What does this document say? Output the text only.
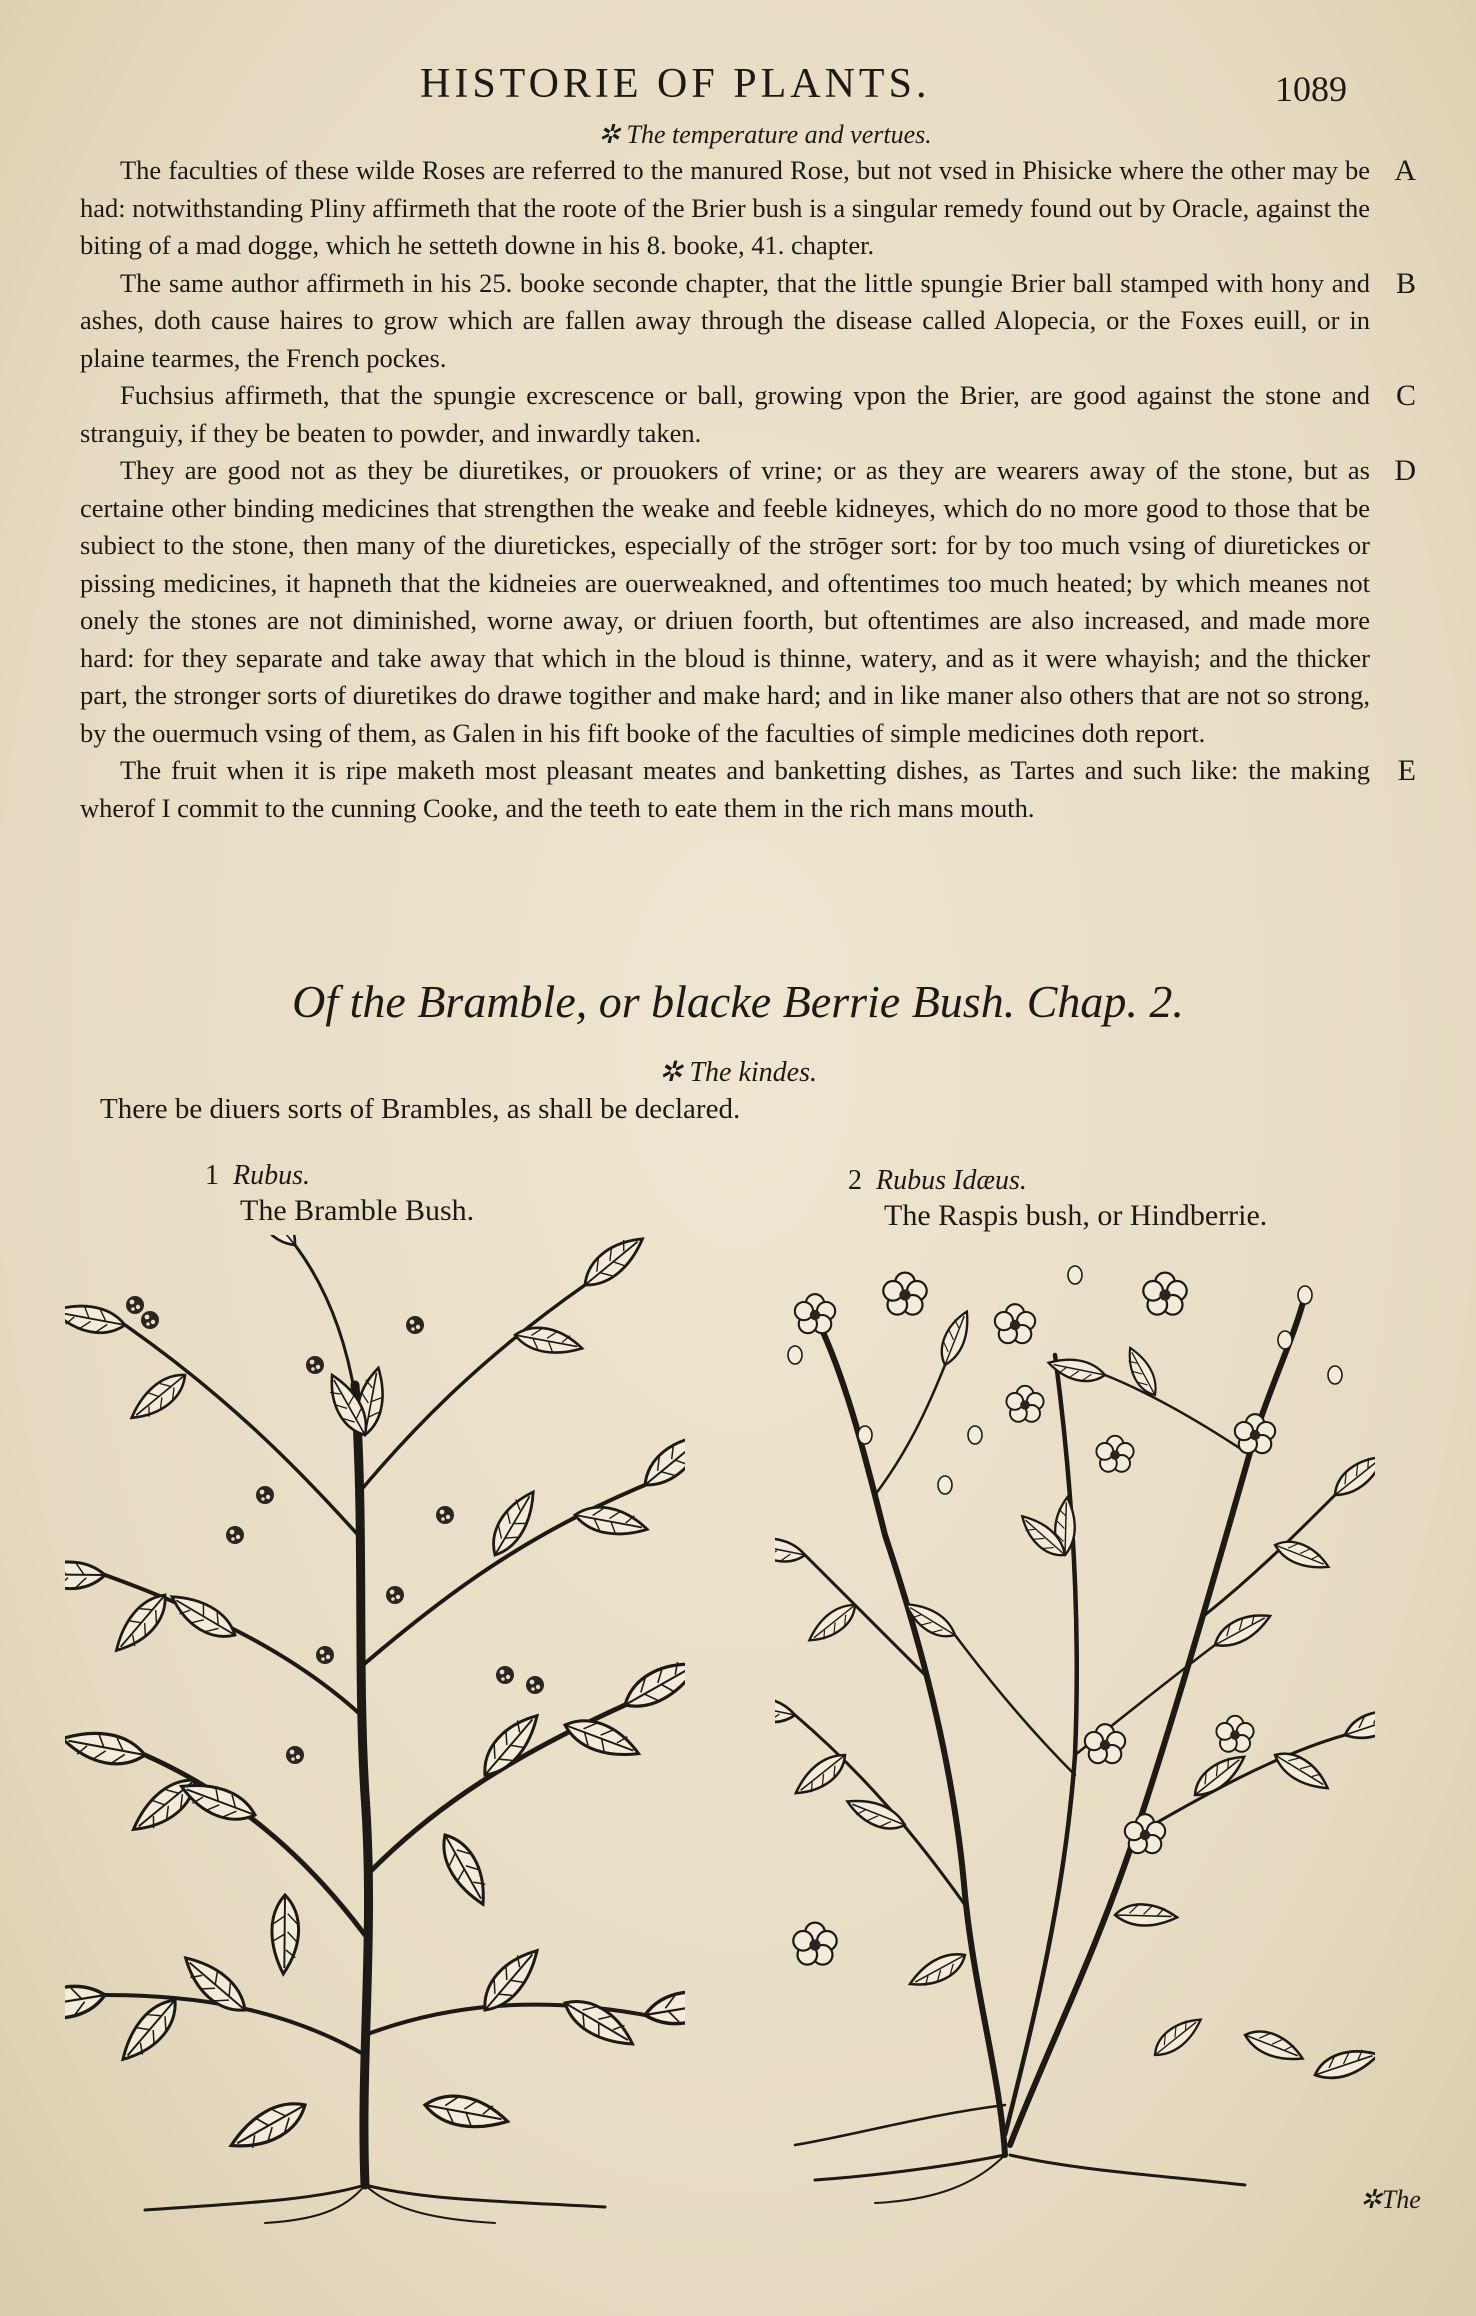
HISTORIE OF PLANTS.	1089
✲ The temperature and vertues.

The faculties of these wilde Roses are referred to the manured Rose, but not vsed in Phisicke where the other may be had: notwithstanding Pliny affirmeth that the roote of the Brier bush is a singular remedy found out by Oracle, against the biting of a mad dogge, which he setteth downe in his 8. booke, 41. chapter.
A

The same author affirmeth in his 25. booke seconde chapter, that the little spungie Brier ball stamped with hony and ashes, doth cause haires to grow which are fallen away through the disease called Alopecia, or the Foxes euill, or in plaine tearmes, the French pockes.
B

Fuchsius affirmeth, that the spungie excrescence or ball, growing vpon the Brier, are good against the stone and stranguiy, if they be beaten to powder, and inwardly taken.
C

They are good not as they be diuretikes, or prouokers of vrine; or as they are wearers away of the stone, but as certaine other binding medicines that strengthen the weake and feeble kidneyes, which do no more good to those that be subiect to the stone, then many of the diuretickes, especially of the strōger sort: for by too much vsing of diuretickes or pissing medicines, it hapneth that the kidneies are ouerweakned, and oftentimes too much heated; by which meanes not onely the stones are not diminished, worne away, or driuen foorth, but oftentimes are also increased, and made more hard: for they separate and take away that which in the bloud is thinne, watery, and as it were whayish; and the thicker part, the stronger sorts of diuretikes do drawe togither and make hard; and in like maner also others that are not so strong, by the ouermuch vsing of them, as Galen in his fift booke of the faculties of simple medicines doth report.
D

The fruit when it is ripe maketh most pleasant meates and banketting dishes, as Tartes and such like: the making wherof I commit to the cunning Cooke, and the teeth to eate them in the rich mans mouth.
E

Of the Bramble, or blacke Berrie Bush. Chap. 2.
✲ The kindes.
There be diuers sorts of Brambles, as shall be declared.
1 Rubus.
The Bramble Bush.
2 Rubus Idæus.
The Raspis bush, or Hindberrie.
✲The
